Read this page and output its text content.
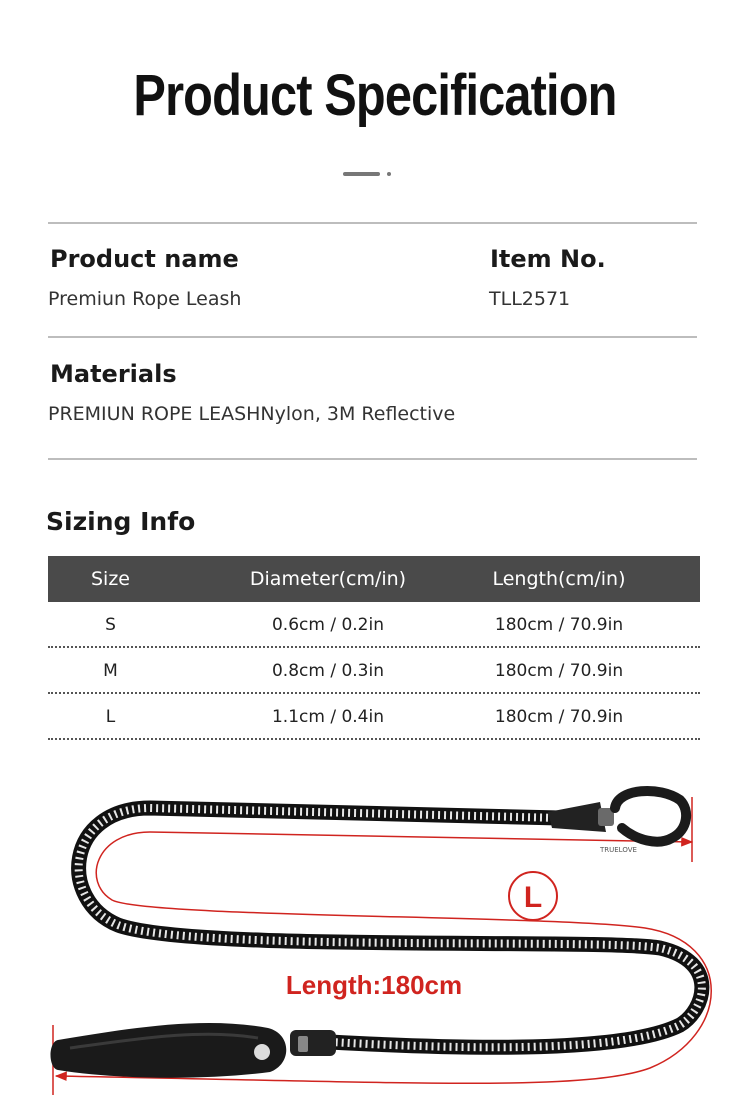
Product Specification
Product name
Premiun Rope Leash
Item No.
TLL2571
Materials
PREMIUN ROPE LEASHNylon, 3M Reflective
Sizing Info
Size	Diameter(cm/in)	Length(cm/in)
S	0.6cm / 0.2in	180cm / 70.9in
M	0.8cm / 0.3in	180cm / 70.9in
L	1.1cm / 0.4in	180cm / 70.9in
TRUELOVE
L
Length:180cm
